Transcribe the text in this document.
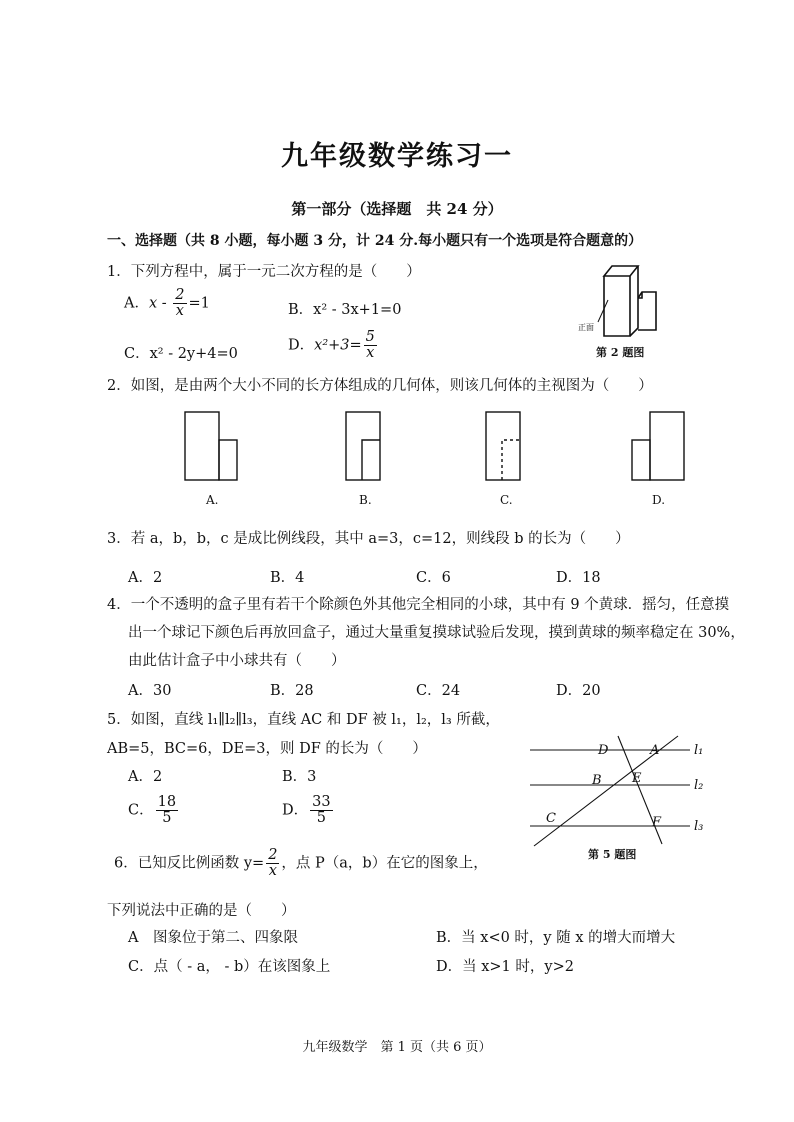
九年级数学练习一
第一部分（选择题　共 24 分）
一、选择题（共 8 小题，每小题 3 分，计 24 分.每小题只有一个选项是符合题意的）
1．下列方程中，属于一元二次方程的是（　　）
A．$x - \frac{2}{x} =1$	B．x² - 3x+1=0
C．x² - 2y+4=0
D．$x^2+3= \frac{5}{x}$
正面
第 2 题图
2．如图，是由两个大小不同的长方体组成的几何体，则该几何体的主视图为（　　）
A.	B.	C.	D.
3．若 a，b，b，c 是成比例线段，其中 a=3，c=12，则线段 b 的长为（　　）
A．2	B．4	C．6	D．18
4．一个不透明的盒子里有若干个除颜色外其他完全相同的小球，其中有 9 个黄球．摇匀，任意摸
出一个球记下颜色后再放回盒子，通过大量重复摸球试验后发现，摸到黄球的频率稳定在 30%，
由此估计盒子中小球共有（　　）
A．30	B．28	C．24	D．20
5．如图，直线 l₁∥l₂∥l₃，直线 AC 和 DF 被 l₁，l₂，l₃ 所截，
AB=5，BC=6，DE=3，则 DF 的长为（　　）
A．2	B．3
C． $\frac{18}{5}$	D． $\frac{33}{5}$
D	A
B E
C	F
l₁
l₂
l₃
第 5 题图
6．已知反比例函数 $y= \frac{2}{x}$ ，点 P（a，b）在它的图象上，
下列说法中正确的是（　　）
A　图象位于第二、四象限	B．当 x<0 时，y 随 x 的增大而增大
C．点（ - a， - b）在该图象上	D．当 x>1 时，y>2
九年级数学　第 1 页（共 6 页）
